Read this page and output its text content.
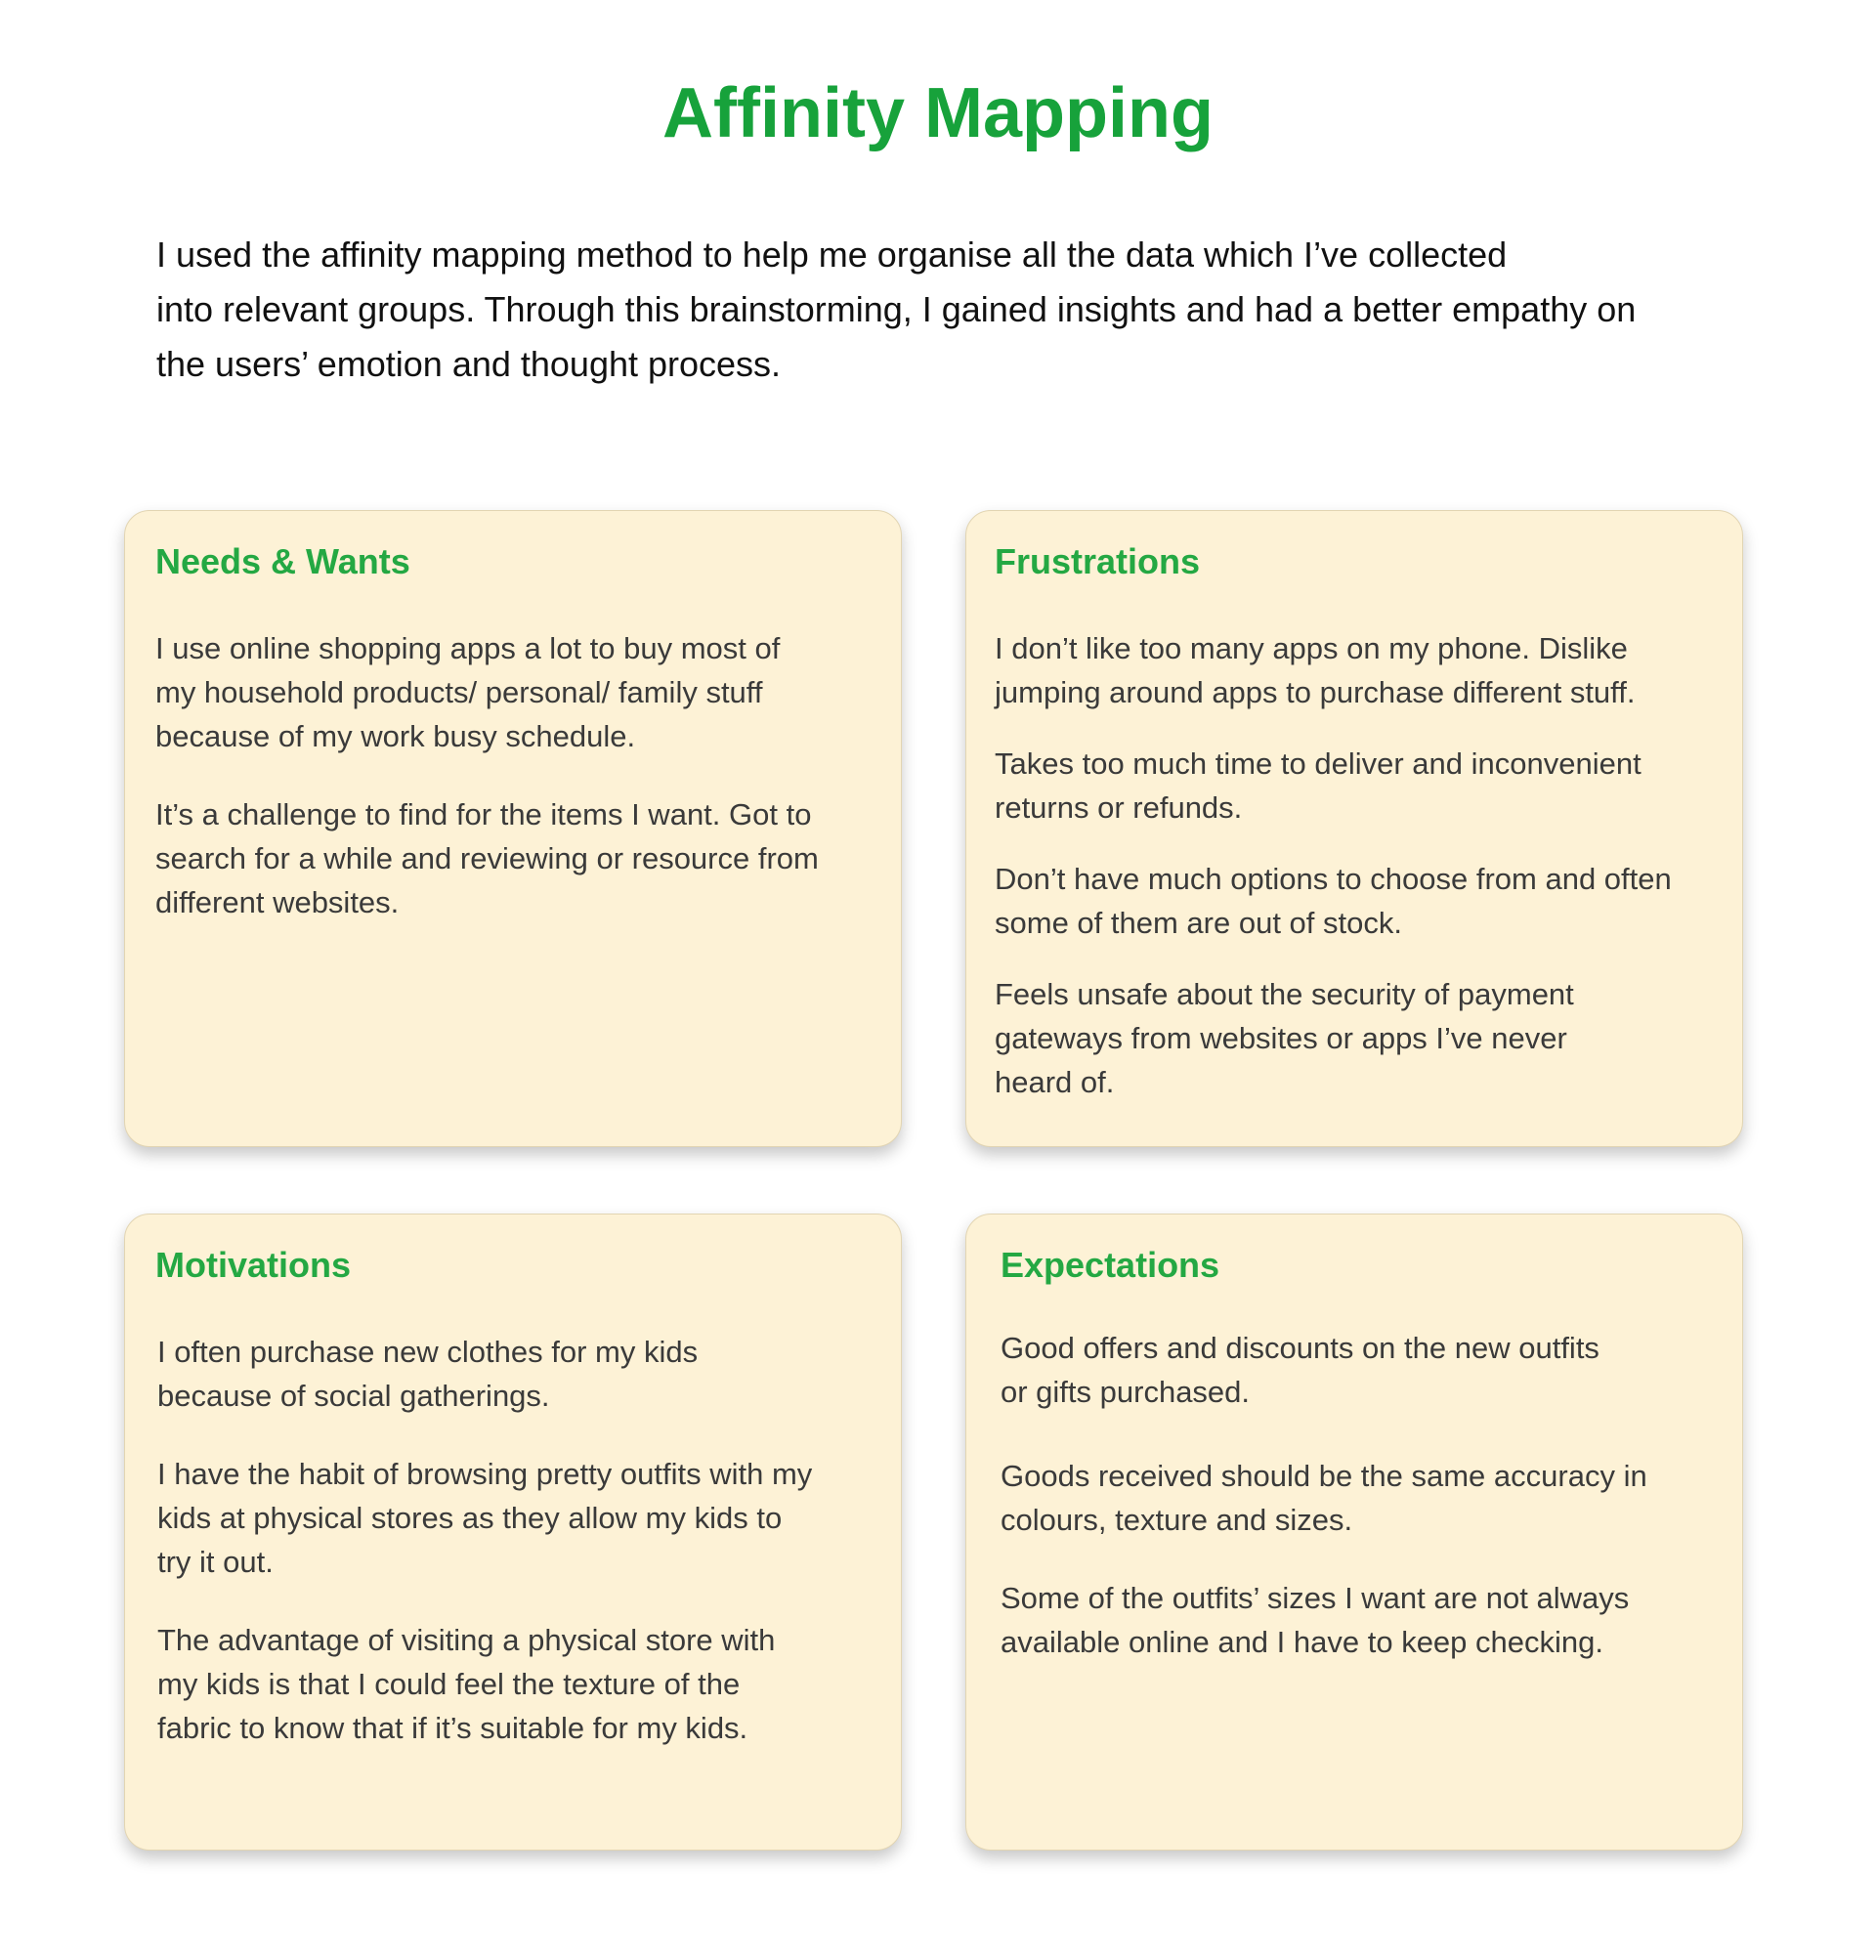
Affinity Mapping

I used the affinity mapping method to help me organise all the data which I’ve collected
into relevant groups. Through this brainstorming, I gained insights and had a better empathy on
the users’ emotion and thought process.

Needs & Wants

I use online shopping apps a lot to buy most of
my household products/ personal/ family stuff
because of my work busy schedule.

It’s a challenge to find for the items I want. Got to
search for a while and reviewing or resource from
different websites.

Frustrations

I don’t like too many apps on my phone. Dislike
jumping around apps to purchase different stuff.

Takes too much time to deliver and inconvenient
returns or refunds.

Don’t have much options to choose from and often
some of them are out of stock.

Feels unsafe about the security of payment
gateways from websites or apps I’ve never
heard of.

Motivations

I often purchase new clothes for my kids
because of social gatherings.

I have the habit of browsing pretty outfits with my
kids at physical stores as they allow my kids to
try it out.

The advantage of visiting a physical store with
my kids is that I could feel the texture of the
fabric to know that if it’s suitable for my kids.

Expectations

Good offers and discounts on the new outfits
or gifts purchased.

Goods received should be the same accuracy in
colours, texture and sizes.

Some of the outfits’ sizes I want are not always
available online and I have to keep checking.
